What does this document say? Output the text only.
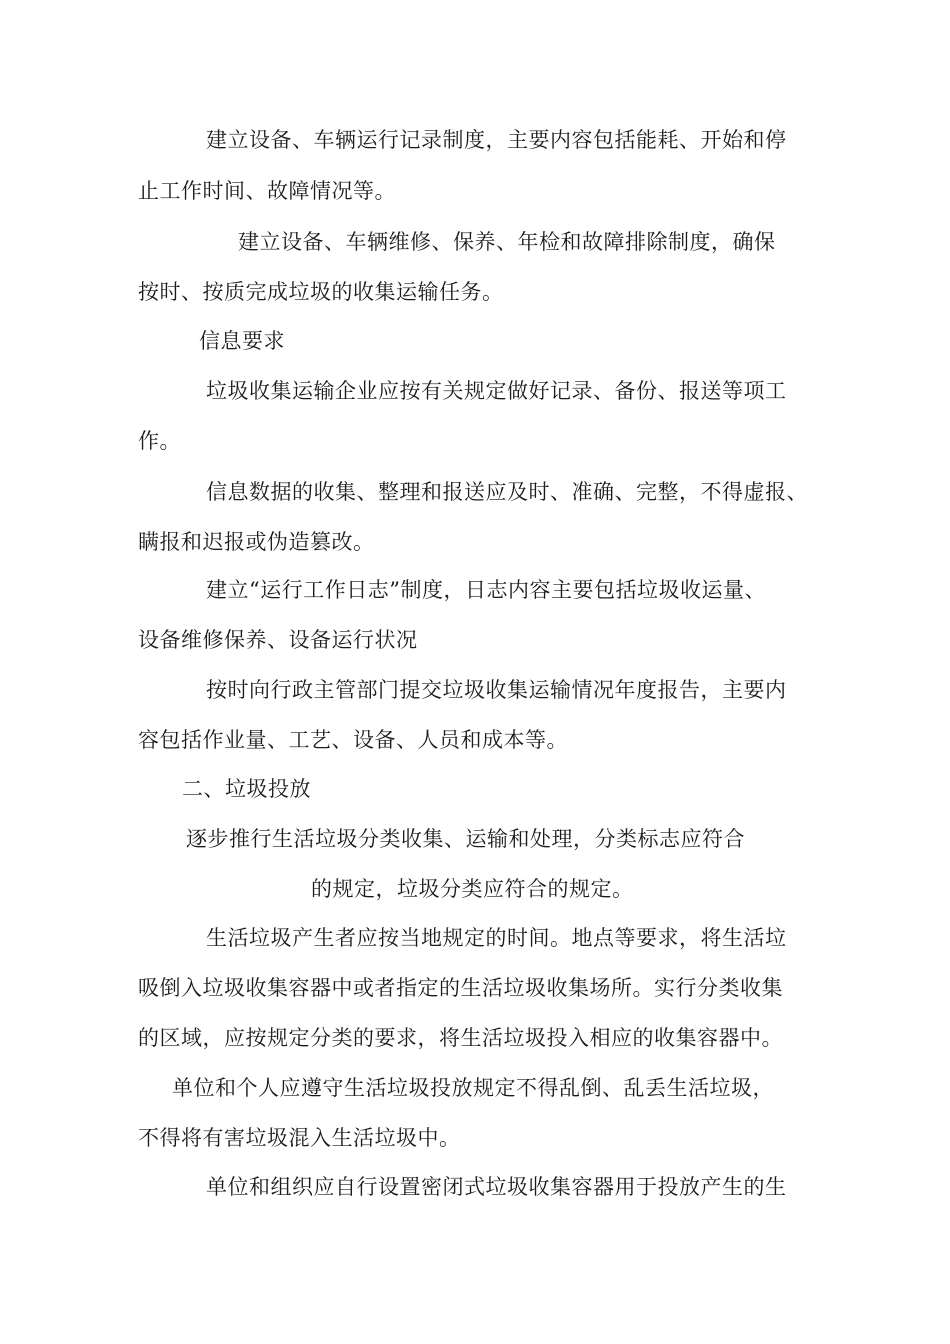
建立设备、车辆运行记录制度，主要内容包括能耗、开始和停
止工作时间、故障情况等。
建立设备、车辆维修、保养、年检和故障排除制度，确保
按时、按质完成垃圾的收集运输任务。
信息要求
垃圾收集运输企业应按有关规定做好记录、备份、报送等项工
作。
信息数据的收集、整理和报送应及时、准确、完整，不得虚报、
瞒报和迟报或伪造篡改。
建立“运行工作日志”制度，日志内容主要包括垃圾收运量、
设备维修保养、设备运行状况
按时向行政主管部门提交垃圾收集运输情况年度报告，主要内
容包括作业量、工艺、设备、人员和成本等。
二、垃圾投放
逐步推行生活垃圾分类收集、运输和处理，分类标志应符合
的规定，垃圾分类应符合的规定。
生活垃圾产生者应按当地规定的时间。地点等要求，将生活垃
吸倒入垃圾收集容器中或者指定的生活垃圾收集场所。实行分类收集
的区域，应按规定分类的要求，将生活垃圾投入相应的收集容器中。
单位和个人应遵守生活垃圾投放规定不得乱倒、乱丢生活垃圾，
不得将有害垃圾混入生活垃圾中。
单位和组织应自行设置密闭式垃圾收集容器用于投放产生的生
